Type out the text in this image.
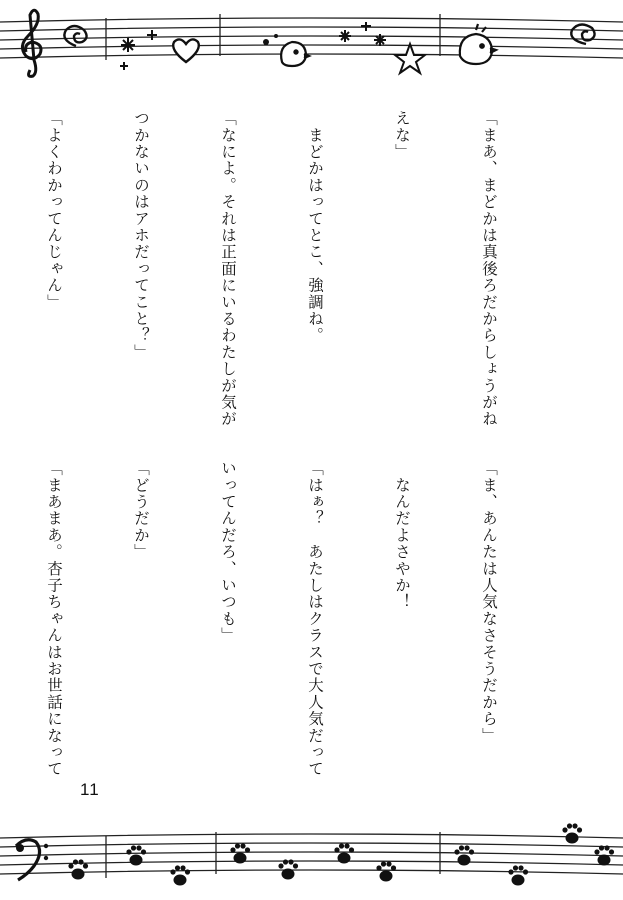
「まあ、まどかは真後ろだからしょうがね

えな」

　まどかはってとこ、強調ね。

「なによ。それは正面にいるわたしが気が

つかないのはアホだってこと？」

「よくわかってんじゃん」

「ま、あんたは人気なさそうだから」

　なんだよさやか！

「はぁ？　あたしはクラスで大人気だって

いってんだろ、いつも」

「どうだか」

「まあまあ。杏子ちゃんはお世話になって

11
